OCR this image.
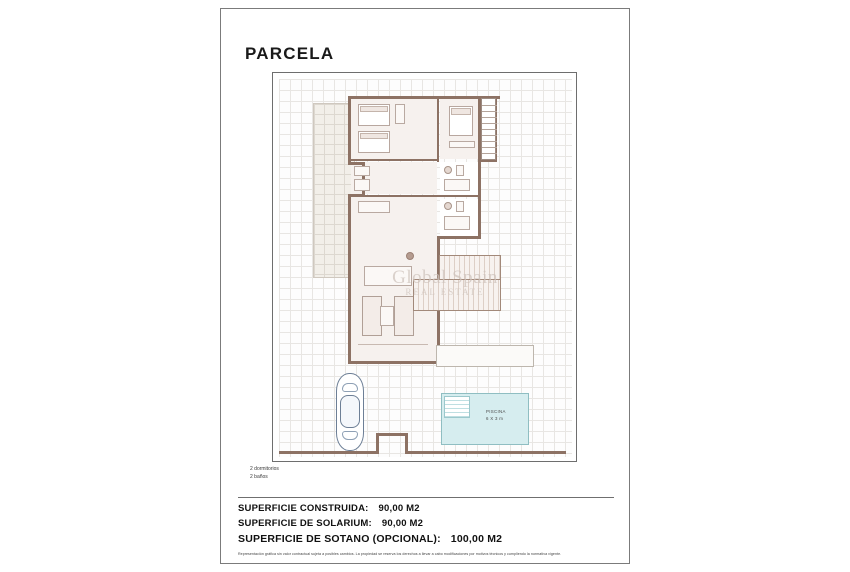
PARCELA
PISCINA
6 X 3 m
2 dormitorios
2 baños
Global Spain
REAL ESTATE
SUPERFICIE CONSTRUIDA: 90,00 M2
SUPERFICIE DE SOLARIUM: 90,00 M2
SUPERFICIE DE SOTANO (OPCIONAL): 100,00 M2
Representación gráfica sin valor contractual sujeta a posibles cambios. La propiedad se reserva los derechos a llevar a cabo modificaciones por motivos técnicos y cumpliendo la normativa vigente.
